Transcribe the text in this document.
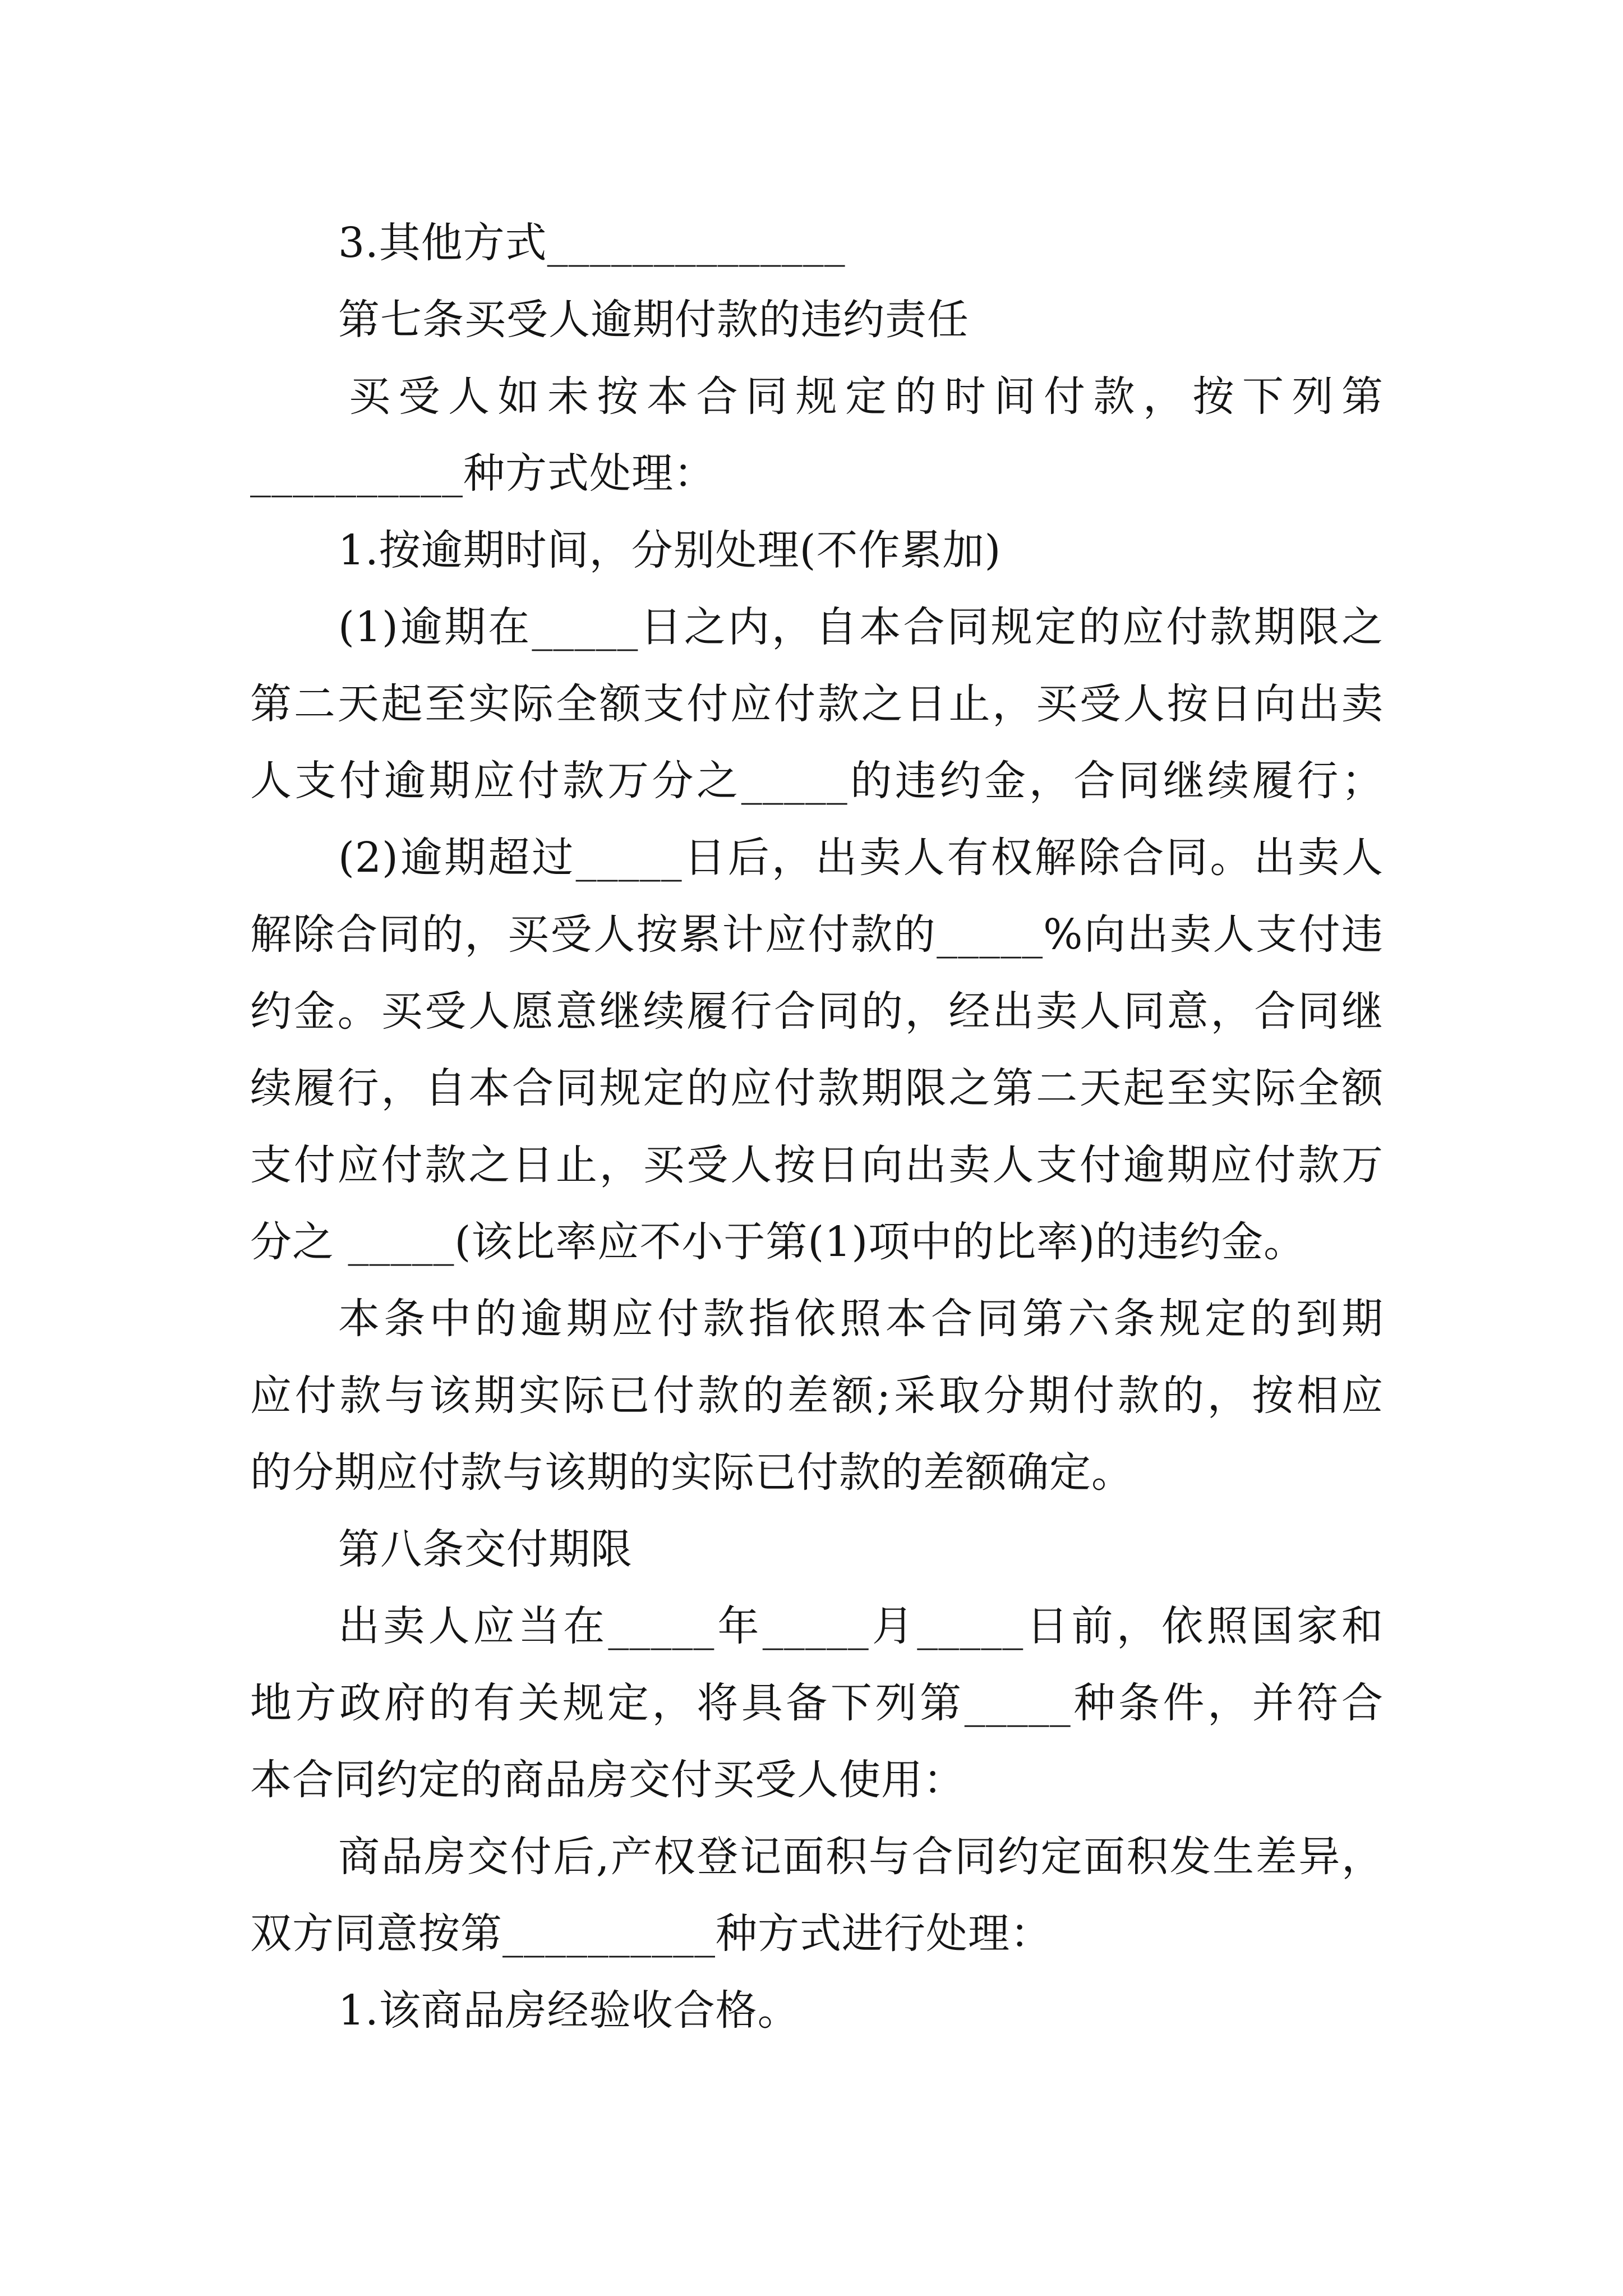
3.其他方式______________
第七条买受人逾期付款的违约责任
买受人如未按本合同规定的时间付款，按下列第
__________种方式处理：
1.按逾期时间，分别处理(不作累加)
(1)逾期在_____日之内，自本合同规定的应付款期限之
第二天起至实际全额支付应付款之日止，买受人按日向出卖
人支付逾期应付款万分之_____的违约金，合同继续履行；
(2)逾期超过_____日后，出卖人有权解除合同。出卖人
解除合同的，买受人按累计应付款的_____%向出卖人支付违
约金。买受人愿意继续履行合同的，经出卖人同意，合同继
续履行，自本合同规定的应付款期限之第二天起至实际全额
支付应付款之日止，买受人按日向出卖人支付逾期应付款万
分之 _____(该比率应不小于第(1)项中的比率)的违约金。
本条中的逾期应付款指依照本合同第六条规定的到期
应付款与该期实际已付款的差额;采取分期付款的，按相应
的分期应付款与该期的实际已付款的差额确定。
第八条交付期限
出卖人应当在_____年_____月_____日前，依照国家和
地方政府的有关规定，将具备下列第_____种条件，并符合
本合同约定的商品房交付买受人使用：
商品房交付后,产权登记面积与合同约定面积发生差异，
双方同意按第__________种方式进行处理：
1.该商品房经验收合格。
